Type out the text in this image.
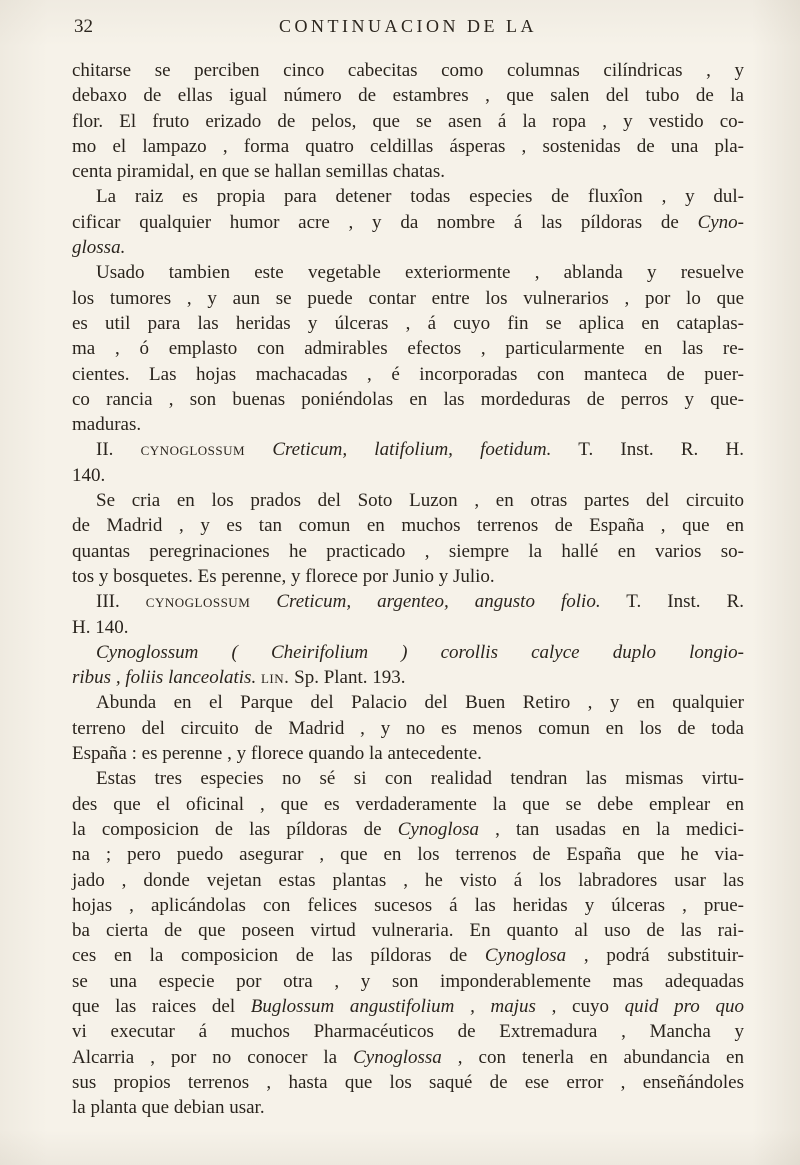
32	CONTINUACION DE LA
chitarse se perciben cinco cabecitas como columnas cilíndricas , y
debaxo de ellas igual número de estambres , que salen del tubo de la
flor. El fruto erizado de pelos, que se asen á la ropa , y vestido co-
mo el lampazo , forma quatro celdillas ásperas , sostenidas de una pla-
centa piramidal, en que se hallan semillas chatas.
La raiz es propia para detener todas especies de fluxîon , y dul-
cificar qualquier humor acre , y da nombre á las píldoras de Cyno-
glossa.
Usado tambien este vegetable exteriormente , ablanda y resuelve
los tumores , y aun se puede contar entre los vulnerarios , por lo que
es util para las heridas y úlceras , á cuyo fin se aplica en cataplas-
ma , ó emplasto con admirables efectos , particularmente en las re-
cientes. Las hojas machacadas , é incorporadas con manteca de puer-
co rancia , son buenas poniéndolas en las mordeduras de perros y que-
maduras.
II. cynoglossum Creticum, latifolium, foetidum. T. Inst. R. H.
140.
Se cria en los prados del Soto Luzon , en otras partes del circuito
de Madrid , y es tan comun en muchos terrenos de España , que en
quantas peregrinaciones he practicado , siempre la hallé en varios so-
tos y bosquetes. Es perenne, y florece por Junio y Julio.
III. cynoglossum Creticum, argenteo, angusto folio. T. Inst. R.
H. 140.
Cynoglossum ( Cheirifolium ) corollis calyce duplo longio-
ribus , foliis lanceolatis. lin. Sp. Plant. 193.
Abunda en el Parque del Palacio del Buen Retiro , y en qualquier
terreno del circuito de Madrid , y no es menos comun en los de toda
España : es perenne , y florece quando la antecedente.
Estas tres especies no sé si con realidad tendran las mismas virtu-
des que el oficinal , que es verdaderamente la que se debe emplear en
la composicion de las píldoras de Cynoglosa , tan usadas en la medici-
na ; pero puedo asegurar , que en los terrenos de España que he via-
jado , donde vejetan estas plantas , he visto á los labradores usar las
hojas , aplicándolas con felices sucesos á las heridas y úlceras , prue-
ba cierta de que poseen virtud vulneraria. En quanto al uso de las rai-
ces en la composicion de las píldoras de Cynoglosa , podrá substituir-
se una especie por otra , y son imponderablemente mas adequadas
que las raices del Buglossum angustifolium , majus , cuyo quid pro quo
vi executar á muchos Pharmacéuticos de Extremadura , Mancha y
Alcarria , por no conocer la Cynoglossa , con tenerla en abundancia en
sus propios terrenos , hasta que los saqué de ese error , enseñándoles
la planta que debian usar.
